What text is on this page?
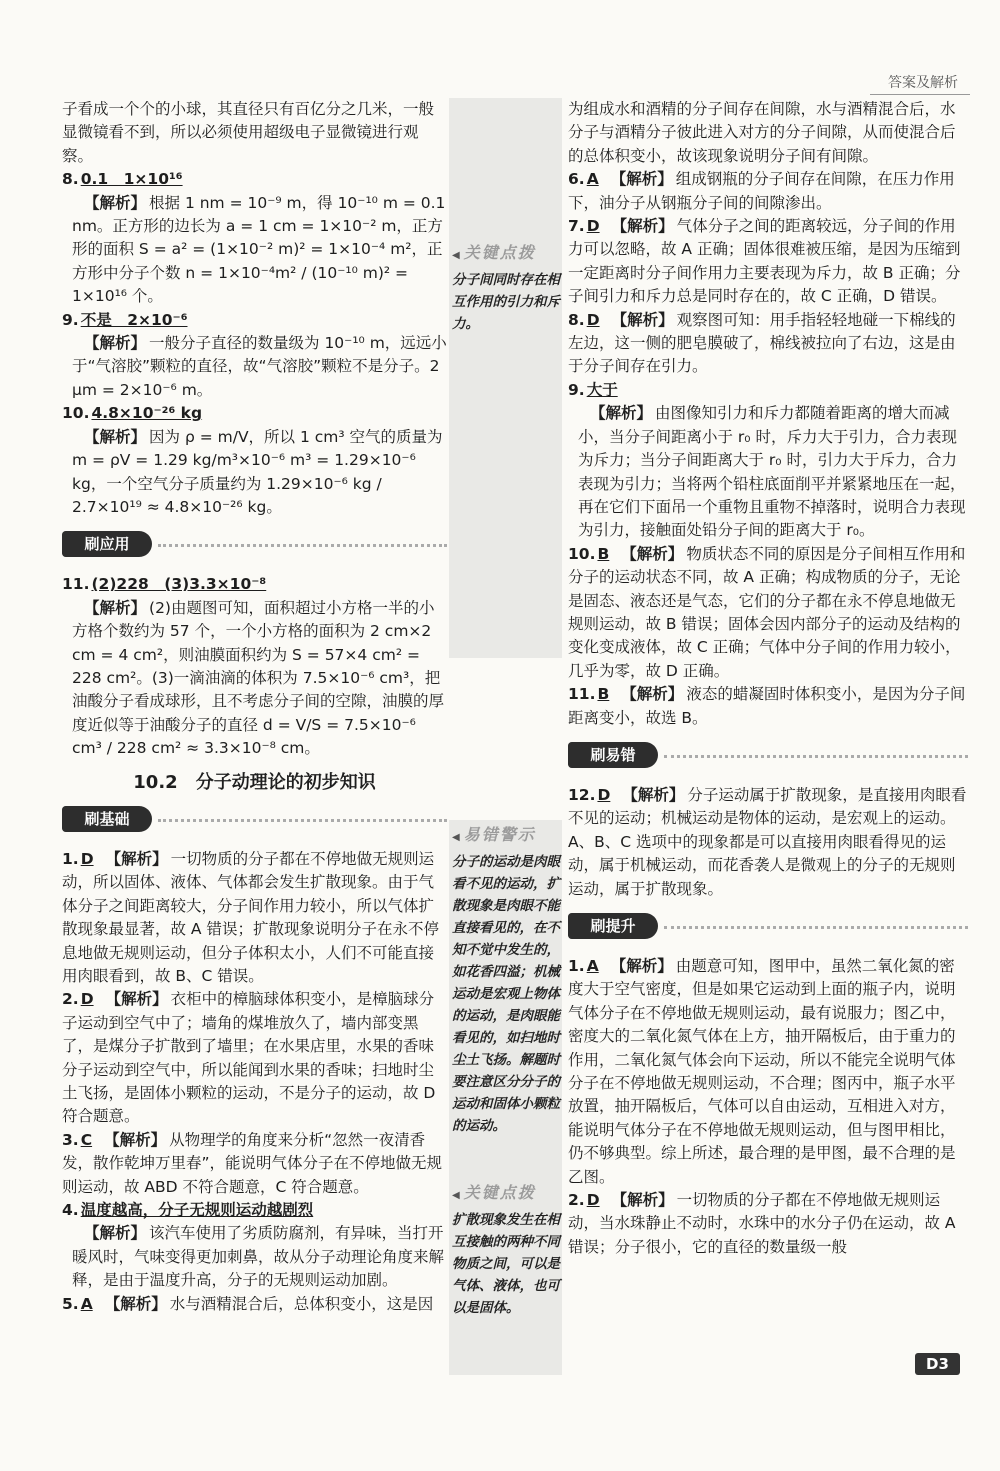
答案及解析
子看成一个个的小球，其直径只有百亿分之几米，一般显微镜看不到，所以必须使用超级电子显微镜进行观察。
8. 0.1　1×10¹⁶
【解析】 根据 1 nm = 10⁻⁹ m，得 10⁻¹⁰ m = 0.1 nm。正方形的边长为 a = 1 cm = 1×10⁻² m，正方形的面积 S = a² = (1×10⁻² m)² = 1×10⁻⁴ m²，正方形中分子个数 n = 1×10⁻⁴m² / (10⁻¹⁰ m)² = 1×10¹⁶ 个。
9. 不是　2×10⁻⁶
【解析】 一般分子直径的数量级为 10⁻¹⁰ m，远远小于“气溶胶”颗粒的直径，故“气溶胶”颗粒不是分子。2 μm = 2×10⁻⁶ m。
10. 4.8×10⁻²⁶ kg
【解析】 因为 ρ = m/V，所以 1 cm³ 空气的质量为 m = ρV = 1.29 kg/m³×10⁻⁶ m³ = 1.29×10⁻⁶ kg，一个空气分子质量约为 1.29×10⁻⁶ kg / 2.7×10¹⁹ ≈ 4.8×10⁻²⁶ kg。
刷应用
11. (2)228　(3)3.3×10⁻⁸
【解析】 (2)由题图可知，面积超过小方格一半的小方格个数约为 57 个，一个小方格的面积为 2 cm×2 cm = 4 cm²，则油膜面积约为 S = 57×4 cm² = 228 cm²。(3)一滴油滴的体积为 7.5×10⁻⁶ cm³，把油酸分子看成球形，且不考虑分子间的空隙，油膜的厚度近似等于油酸分子的直径 d = V/S = 7.5×10⁻⁶ cm³ / 228 cm² ≈ 3.3×10⁻⁸ cm。
10.2 分子动理论的初步知识
刷基础
1. D 【解析】 一切物质的分子都在不停地做无规则运动，所以固体、液体、气体都会发生扩散现象。由于气体分子之间距离较大，分子间作用力较小，所以气体扩散现象最显著，故 A 错误；扩散现象说明分子在永不停息地做无规则运动，但分子体积太小，人们不可能直接用肉眼看到，故 B、C 错误。
2. D 【解析】 衣柜中的樟脑球体积变小，是樟脑球分子运动到空气中了；墙角的煤堆放久了，墙内部变黑了，是煤分子扩散到了墙里；在水果店里，水果的香味分子运动到空气中，所以能闻到水果的香味；扫地时尘土飞扬，是固体小颗粒的运动，不是分子的运动，故 D 符合题意。
3. C 【解析】 从物理学的角度来分析“忽然一夜清香发，散作乾坤万里春”，能说明气体分子在不停地做无规则运动，故 ABD 不符合题意，C 符合题意。
4. 温度越高，分子无规则运动越剧烈
【解析】 该汽车使用了劣质防腐剂，有异味，当打开暖风时，气味变得更加刺鼻，故从分子动理论角度来解释，是由于温度升高，分子的无规则运动加剧。
5. A 【解析】 水与酒精混合后，总体积变小，这是因
为组成水和酒精的分子间存在间隙，水与酒精混合后，水分子与酒精分子彼此进入对方的分子间隙，从而使混合后的总体积变小，故该现象说明分子间有间隙。
6. A 【解析】 组成钢瓶的分子间存在间隙，在压力作用下，油分子从钢瓶分子间的间隙渗出。
7. D 【解析】 气体分子之间的距离较远，分子间的作用力可以忽略，故 A 正确；固体很难被压缩，是因为压缩到一定距离时分子间作用力主要表现为斥力，故 B 正确；分子间引力和斥力总是同时存在的，故 C 正确，D 错误。
8. D 【解析】 观察图可知：用手指轻轻地碰一下棉线的左边，这一侧的肥皂膜破了，棉线被拉向了右边，这是由于分子间存在引力。
9. 大于
【解析】 由图像知引力和斥力都随着距离的增大而减小，当分子间距离小于 r₀ 时，斥力大于引力，合力表现为斥力；当分子间距离大于 r₀ 时，引力大于斥力，合力表现为引力；当将两个铅柱底面削平并紧紧地压在一起，再在它们下面吊一个重物且重物不掉落时，说明合力表现为引力，接触面处铅分子间的距离大于 r₀。
10. B 【解析】 物质状态不同的原因是分子间相互作用和分子的运动状态不同，故 A 正确；构成物质的分子，无论是固态、液态还是气态，它们的分子都在永不停息地做无规则运动，故 B 错误；固体会因内部分子的运动及结构的变化变成液体，故 C 正确；气体中分子间的作用力较小，几乎为零，故 D 正确。
11. B 【解析】 液态的蜡凝固时体积变小，是因为分子间距离变小，故选 B。
刷易错
12. D 【解析】 分子运动属于扩散现象，是直接用肉眼看不见的运动；机械运动是物体的运动，是宏观上的运动。A、B、C 选项中的现象都是可以直接用肉眼看得见的运动，属于机械运动，而花香袭人是微观上的分子的无规则运动，属于扩散现象。
刷提升
1. A 【解析】 由题意可知，图甲中，虽然二氧化氮的密度大于空气密度，但是如果它运动到上面的瓶子内，说明气体分子在不停地做无规则运动，最有说服力；图乙中，密度大的二氧化氮气体在上方，抽开隔板后，由于重力的作用，二氧化氮气体会向下运动，所以不能完全说明气体分子在不停地做无规则运动，不合理；图丙中，瓶子水平放置，抽开隔板后，气体可以自由运动，互相进入对方，能说明气体分子在不停地做无规则运动，但与图甲相比，仍不够典型。综上所述，最合理的是甲图，最不合理的是乙图。
2. D 【解析】 一切物质的分子都在不停地做无规则运动，当水珠静止不动时，水珠中的水分子仍在运动，故 A 错误；分子很小，它的直径的数量级一般
◀ 关键点拨
分子间同时存在相互作用的引力和斥力。
◀ 易错警示
分子的运动是肉眼看不见的运动，扩散现象是肉眼不能直接看见的，在不知不觉中发生的，如花香四溢；机械运动是宏观上物体的运动，是肉眼能看见的，如扫地时尘土飞扬。解题时要注意区分分子的运动和固体小颗粒的运动。
◀ 关键点拨
扩散现象发生在相互接触的两种不同物质之间，可以是气体、液体，也可以是固体。
D3
